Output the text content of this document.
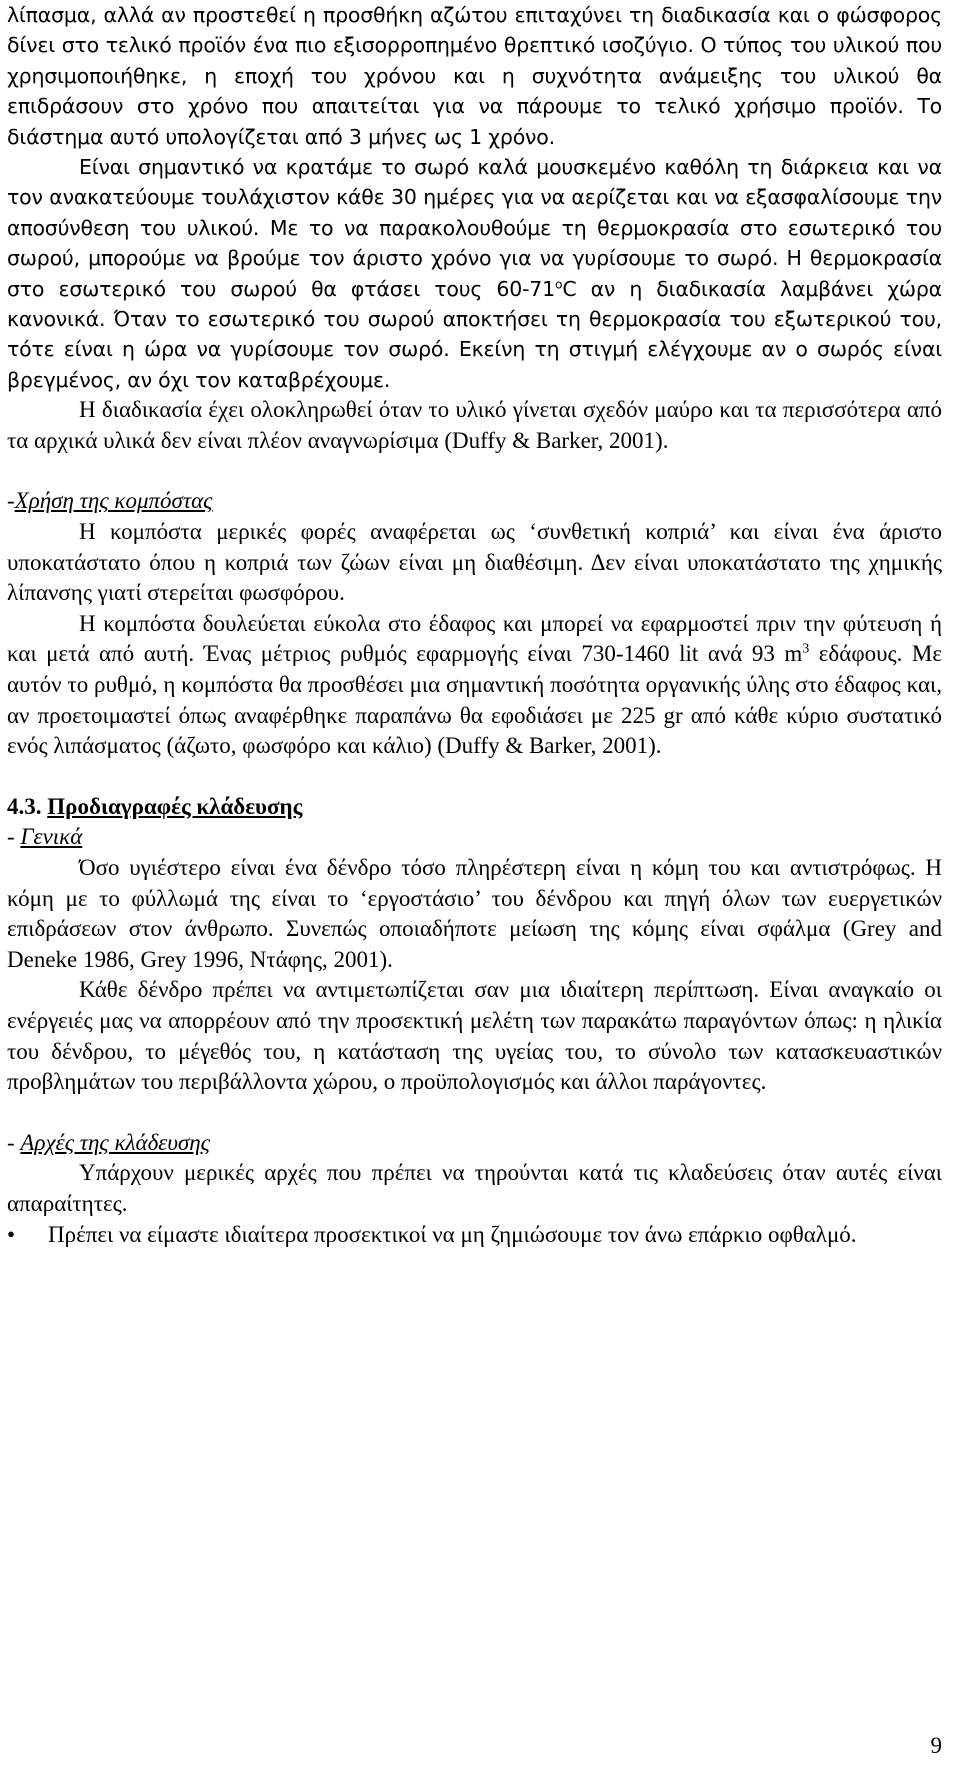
λίπασμα, αλλά αν προστεθεί η προσθήκη αζώτου επιταχύνει τη διαδικασία και ο φώσφορος δίνει στο τελικό προϊόν ένα πιο εξισορροπημένο θρεπτικό ισοζύγιο. Ο τύπος του υλικού που χρησιμοποιήθηκε, η εποχή του χρόνου και η συχνότητα ανάμειξης του υλικού θα επιδράσουν στο χρόνο που απαιτείται για να πάρουμε το τελικό χρήσιμο προϊόν. Το διάστημα αυτό υπολογίζεται από 3 μήνες ως 1 χρόνο.

Είναι σημαντικό να κρατάμε το σωρό καλά μουσκεμένο καθόλη τη διάρκεια και να τον ανακατεύουμε τουλάχιστον κάθε 30 ημέρες για να αερίζεται και να εξασφαλίσουμε την αποσύνθεση του υλικού. Με το να παρακολουθούμε τη θερμοκρασία στο εσωτερικό του σωρού, μπορούμε να βρούμε τον άριστο χρόνο για να γυρίσουμε το σωρό. Η θερμοκρασία στο εσωτερικό του σωρού θα φτάσει τους 60-71$^o$C αν η διαδικασία λαμβάνει χώρα κανονικά. Όταν το εσωτερικό του σωρού αποκτήσει τη θερμοκρασία του εξωτερικού του, τότε είναι η ώρα να γυρίσουμε τον σωρό. Εκείνη τη στιγμή ελέγχουμε αν ο σωρός είναι βρεγμένος, αν όχι τον καταβρέχουμε.

Η διαδικασία έχει ολοκληρωθεί όταν το υλικό γίνεται σχεδόν μαύρο και τα περισσότερα από τα αρχικά υλικά δεν είναι πλέον αναγνωρίσιμα (Duffy & Barker, 2001).

-Χρήση της κομπόστας

Η κομπόστα μερικές φορές αναφέρεται ως ‘συνθετική κοπριά’ και είναι ένα άριστο υποκατάστατο όπου η κοπριά των ζώων είναι μη διαθέσιμη. Δεν είναι υποκατάστατο της χημικής λίπανσης γιατί στερείται φωσφόρου.

Η κομπόστα δουλεύεται εύκολα στο έδαφος και μπορεί να εφαρμοστεί πριν την φύτευση ή και μετά από αυτή. Ένας μέτριος ρυθμός εφαρμογής είναι 730-1460 lit ανά 93 $m^3$ εδάφους. Με αυτόν το ρυθμό, η κομπόστα θα προσθέσει μια σημαντική ποσότητα οργανικής ύλης στο έδαφος και, αν προετοιμαστεί όπως αναφέρθηκε παραπάνω θα εφοδιάσει με 225 gr από κάθε κύριο συστατικό ενός λιπάσματος (άζωτο, φωσφόρο και κάλιο) (Duffy & Barker, 2001).

4.3. Προδιαγραφές κλάδευσης

- Γενικά

Όσο υγιέστερο είναι ένα δένδρο τόσο πληρέστερη είναι η κόμη του και αντιστρόφως. Η κόμη με το φύλλωμά της είναι το ‘εργοστάσιο’ του δένδρου και πηγή όλων των ευεργετικών επιδράσεων στον άνθρωπο. Συνεπώς οποιαδήποτε μείωση της κόμης είναι σφάλμα (Grey and Deneke 1986, Grey 1996, Ντάφης, 2001).

Κάθε δένδρο πρέπει να αντιμετωπίζεται σαν μια ιδιαίτερη περίπτωση. Είναι αναγκαίο οι ενέργειές μας να απορρέουν από την προσεκτική μελέτη των παρακάτω παραγόντων όπως: η ηλικία του δένδρου, το μέγεθός του, η κατάσταση της υγείας του, το σύνολο των κατασκευαστικών προβλημάτων του περιβάλλοντα χώρου, ο προϋπολογισμός και άλλοι παράγοντες.

- Αρχές της κλάδευσης

Υπάρχουν μερικές αρχές που πρέπει να τηρούνται κατά τις κλαδεύσεις όταν αυτές είναι απαραίτητες.

• Πρέπει να είμαστε ιδιαίτερα προσεκτικοί να μη ζημιώσουμε τον άνω επάρκιο οφθαλμό.

9
